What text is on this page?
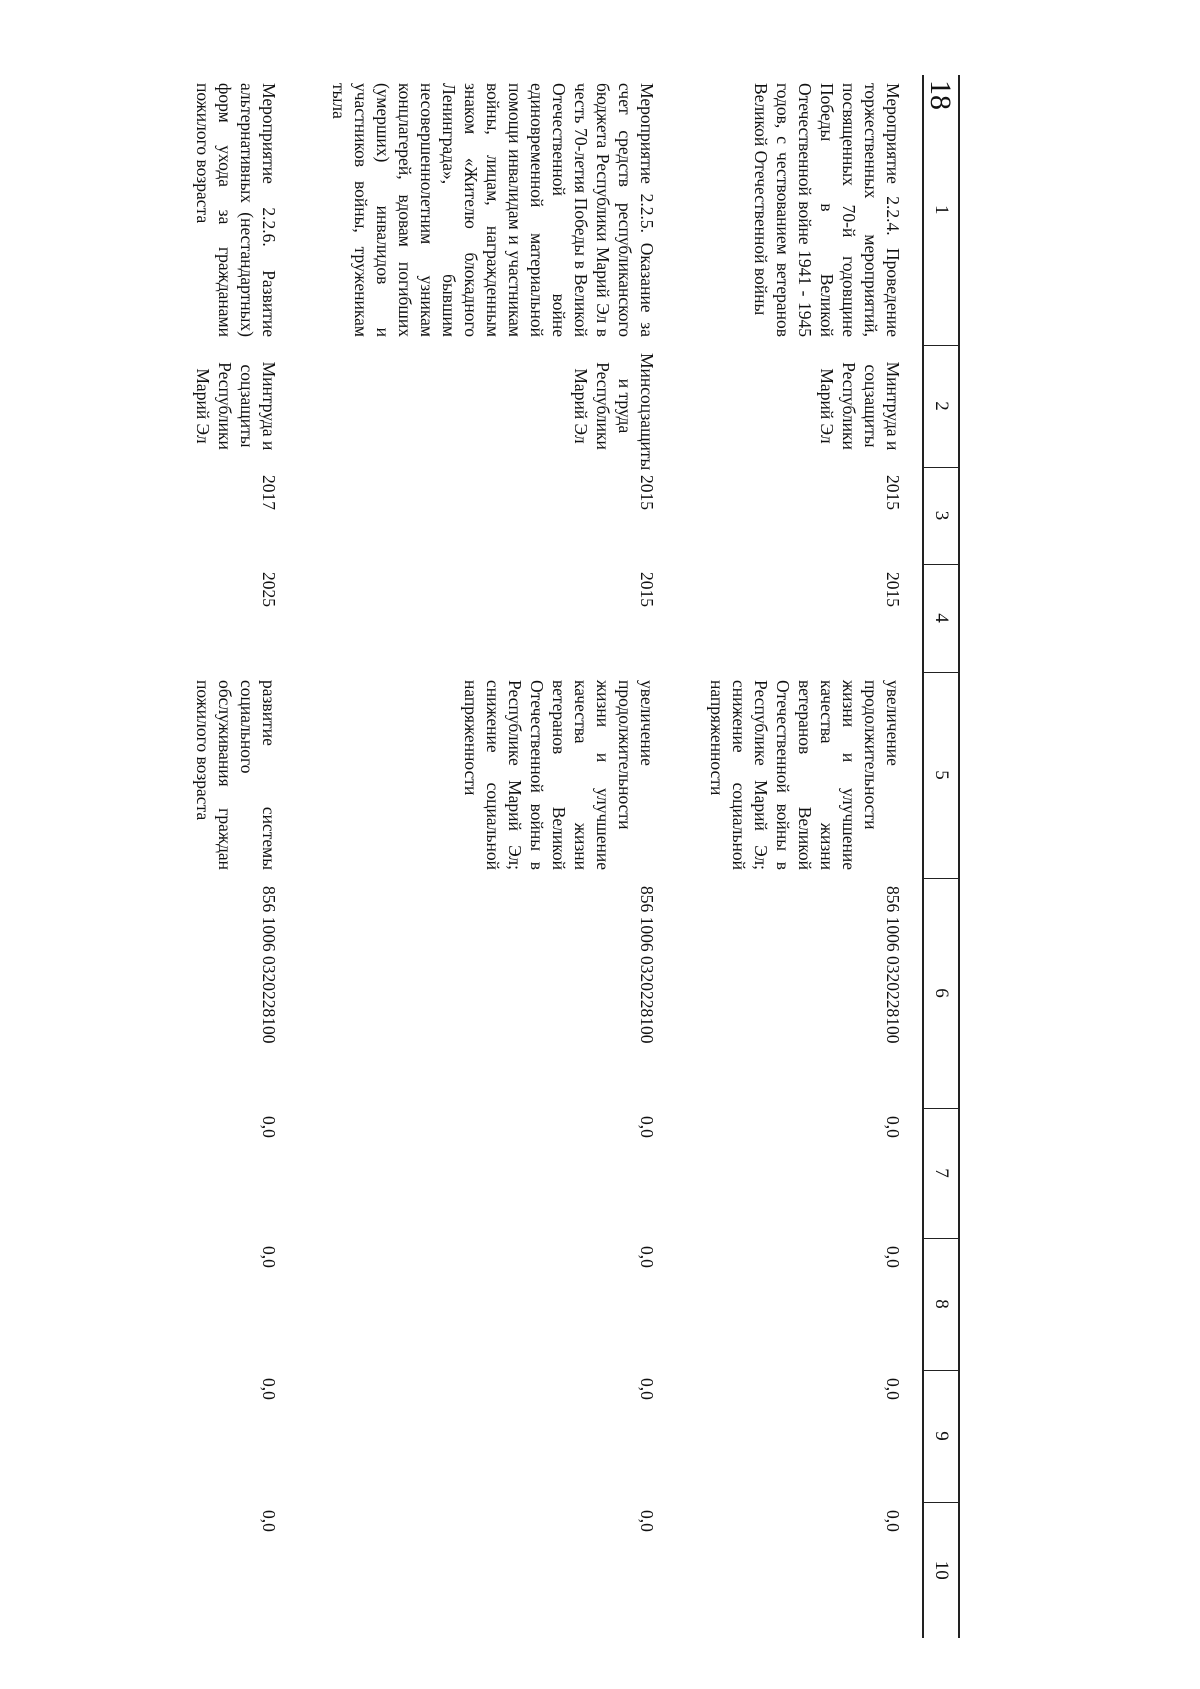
18
1	2	3	4	5	6	7	8	9	10
Мероприятие 2.2.4. Проведение торжественных мероприятий, посвященных 70-й годовщине Победы в Великой Отечественной войне 1941 - 1945 годов, с чествованием ветеранов Великой Отечественной войны	Минтруда и соцзащиты Республики Марий Эл	2015	2015	увеличение продолжительности жизни и улучшение качества жизни ветеранов Великой Отечественной войны в Республике Марий Эл; снижение социальной напряженности	856 1006 0320228100	0,0	0,0	0,0	0,0
Мероприятие 2.2.5. Оказание за счет средств республиканского бюджета Республики Марий Эл в честь 70-летия Победы в Великой Отечественной войне единовременной материальной помощи инвалидам и участникам войны, лицам, награжденным знаком «Жителю блокадного Ленинграда», бывшим несовершеннолетним узникам концлагерей, вдовам погибших (умерших) инвалидов и участников войны, труженикам тыла	Минсоцзащиты и труда Республики Марий Эл	2015	2015	увеличение продолжительности жизни и улучшение качества жизни ветеранов Великой Отечественной войны в Республике Марий Эл; снижение социальной напряженности	856 1006 0320228100	0,0	0,0	0,0	0,0
Мероприятие 2.2.6. Развитие альтернативных (нестандартных) форм ухода за гражданами пожилого возраста	Минтруда и соцзащиты Республики Марий Эл	2017	2025	развитие системы социального обслуживания граждан пожилого возраста	856 1006 0320228100	0,0	0,0	0,0	0,0
